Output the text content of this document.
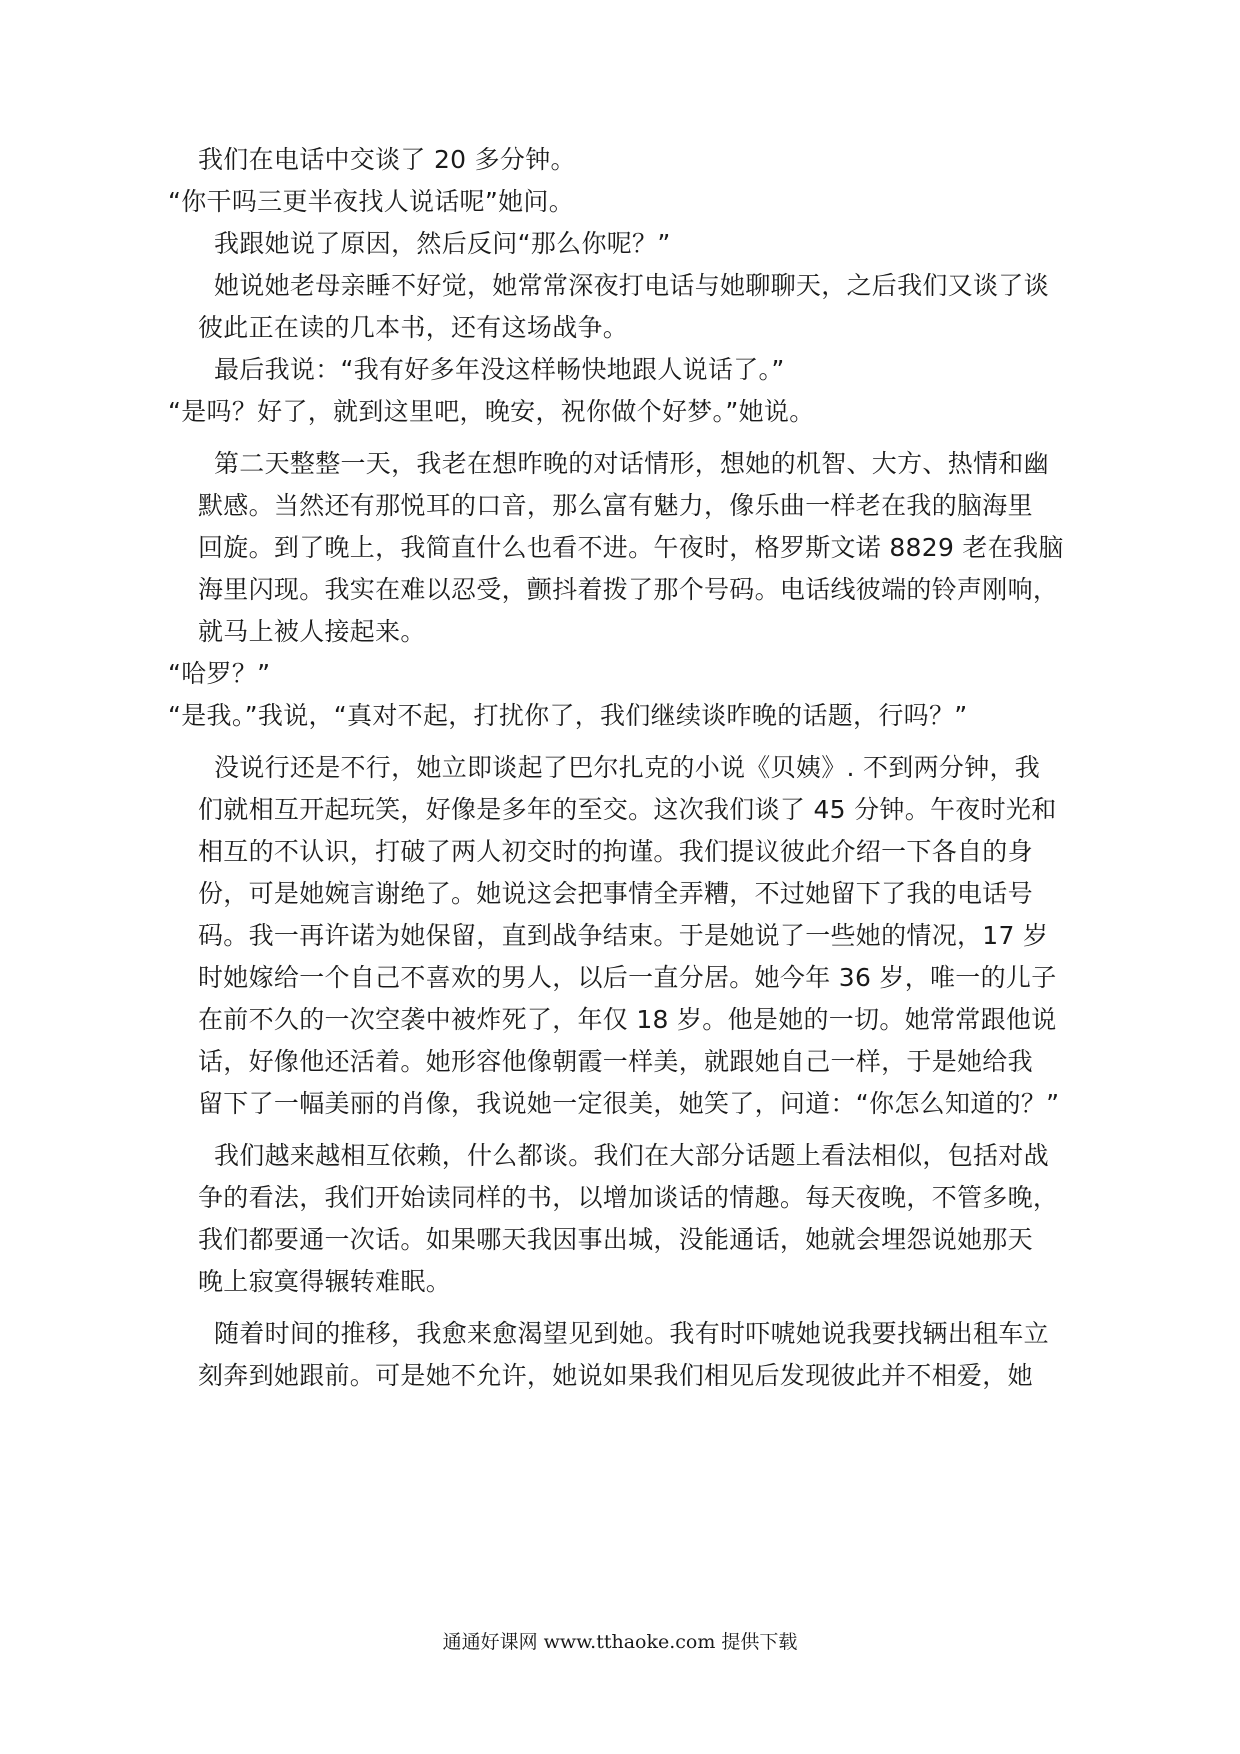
我们在电话中交谈了 20 多分钟。
“你干吗三更半夜找人说话呢”她问。
我跟她说了原因，然后反问“那么你呢？”
她说她老母亲睡不好觉，她常常深夜打电话与她聊聊天，之后我们又谈了谈
彼此正在读的几本书，还有这场战争。
最后我说：“我有好多年没这样畅快地跟人说话了。”
“是吗？好了，就到这里吧，晚安，祝你做个好梦。”她说。
第二天整整一天，我老在想昨晚的对话情形，想她的机智、大方、热情和幽
默感。当然还有那悦耳的口音，那么富有魅力，像乐曲一样老在我的脑海里
回旋。到了晚上，我简直什么也看不进。午夜时，格罗斯文诺 8829 老在我脑
海里闪现。我实在难以忍受，颤抖着拨了那个号码。电话线彼端的铃声刚响，
就马上被人接起来。
“哈罗？”
“是我。”我说，“真对不起，打扰你了，我们继续谈昨晚的话题，行吗？”
没说行还是不行，她立即谈起了巴尔扎克的小说《贝姨》. 不到两分钟，我
们就相互开起玩笑，好像是多年的至交。这次我们谈了 45 分钟。午夜时光和
相互的不认识，打破了两人初交时的拘谨。我们提议彼此介绍一下各自的身
份，可是她婉言谢绝了。她说这会把事情全弄糟，不过她留下了我的电话号
码。我一再许诺为她保留，直到战争结束。于是她说了一些她的情况，17 岁
时她嫁给一个自己不喜欢的男人，以后一直分居。她今年 36 岁，唯一的儿子
在前不久的一次空袭中被炸死了，年仅 18 岁。他是她的一切。她常常跟他说
话，好像他还活着。她形容他像朝霞一样美，就跟她自己一样，于是她给我
留下了一幅美丽的肖像，我说她一定很美，她笑了，问道：“你怎么知道的？”
我们越来越相互依赖，什么都谈。我们在大部分话题上看法相似，包括对战
争的看法，我们开始读同样的书，以增加谈话的情趣。每天夜晚，不管多晚，
我们都要通一次话。如果哪天我因事出城，没能通话，她就会埋怨说她那天
晚上寂寞得辗转难眠。
随着时间的推移，我愈来愈渴望见到她。我有时吓唬她说我要找辆出租车立
刻奔到她跟前。可是她不允许，她说如果我们相见后发现彼此并不相爱，她
通通好课网 www.tthaoke.com 提供下载
